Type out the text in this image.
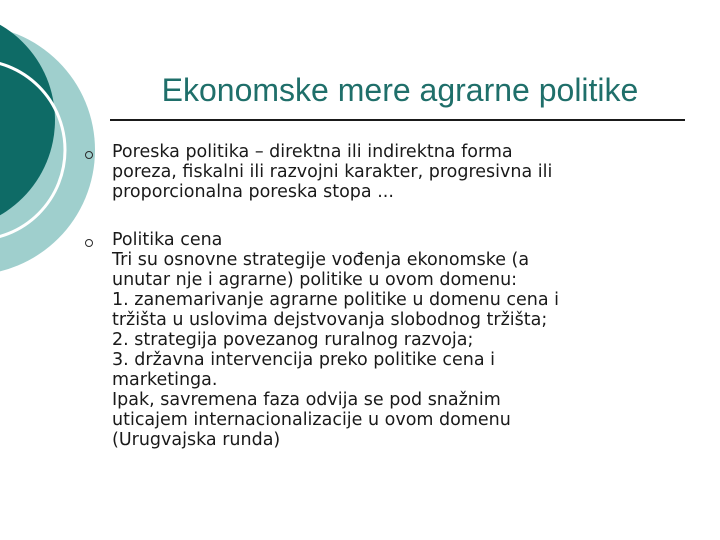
Ekonomske mere agrarne politike
Poreska politika – direktna ili indirektna forma
poreza, fiskalni ili razvojni karakter, progresivna ili
proporcionalna poreska stopa ...
Politika cena
Tri su osnovne strategije vođenja ekonomske (a
unutar nje i agrarne) politike u ovom domenu:
1. zanemarivanje agrarne politike u domenu cena i
tržišta u uslovima dejstvovanja slobodnog tržišta;
2. strategija povezanog ruralnog razvoja;
3. državna intervencija preko politike cena i
marketinga.
Ipak, savremena faza odvija se pod snažnim
uticajem internacionalizacije u ovom domenu
(Urugvajska runda)
